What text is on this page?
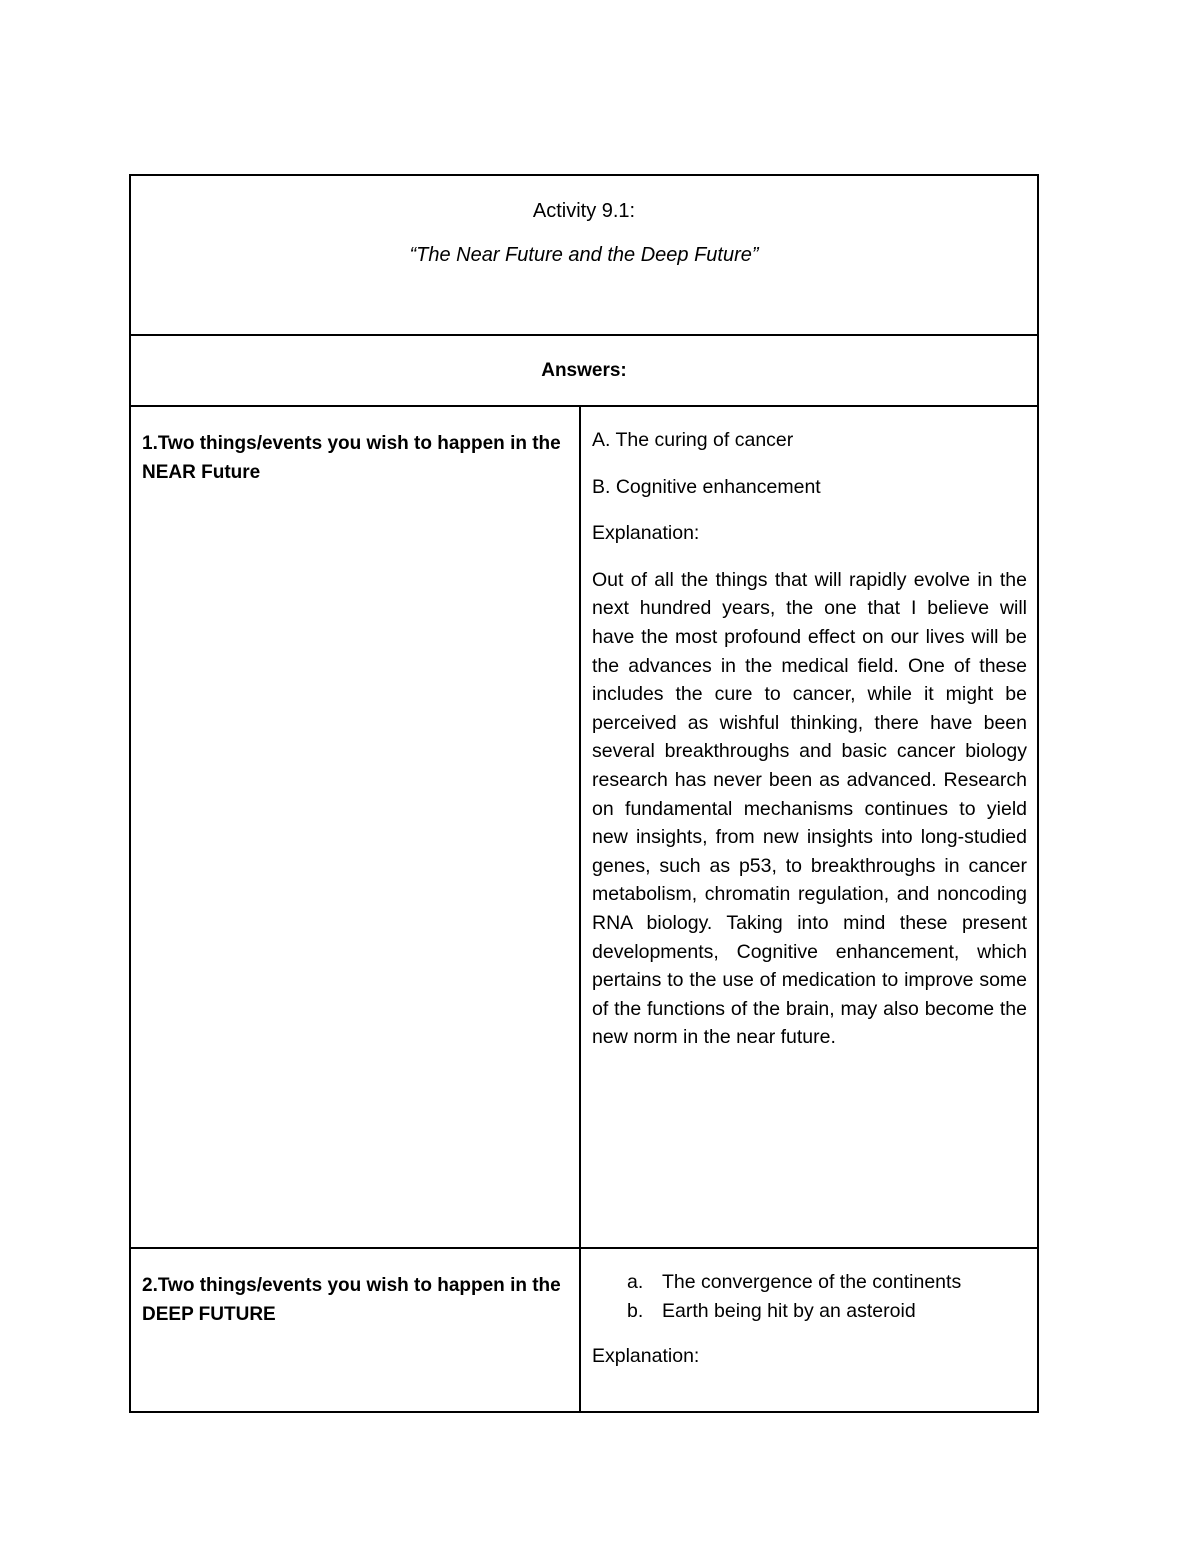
Activity 9.1:

“The Near Future and the Deep Future”

Answers:
1.Two things/events you wish to happen in the NEAR Future

A. The curing of cancer

B. Cognitive enhancement

Explanation:

Out of all the things that will rapidly evolve in the next hundred years, the one that I believe will have the most profound effect on our lives will be the advances in the medical field. One of these includes the cure to cancer, while it might be perceived as wishful thinking, there have been several breakthroughs and basic cancer biology research has never been as advanced. Research on fundamental mechanisms continues to yield new insights, from new insights into long-studied genes, such as p53, to breakthroughs in cancer metabolism, chromatin regulation, and noncoding RNA biology. Taking into mind these present developments, Cognitive enhancement, which pertains to the use of medication to improve some of the functions of the brain, may also become the new norm in the near future.

2.Two things/events you wish to happen in the DEEP FUTURE
a. The convergence of the continents
b. Earth being hit by an asteroid

Explanation:
